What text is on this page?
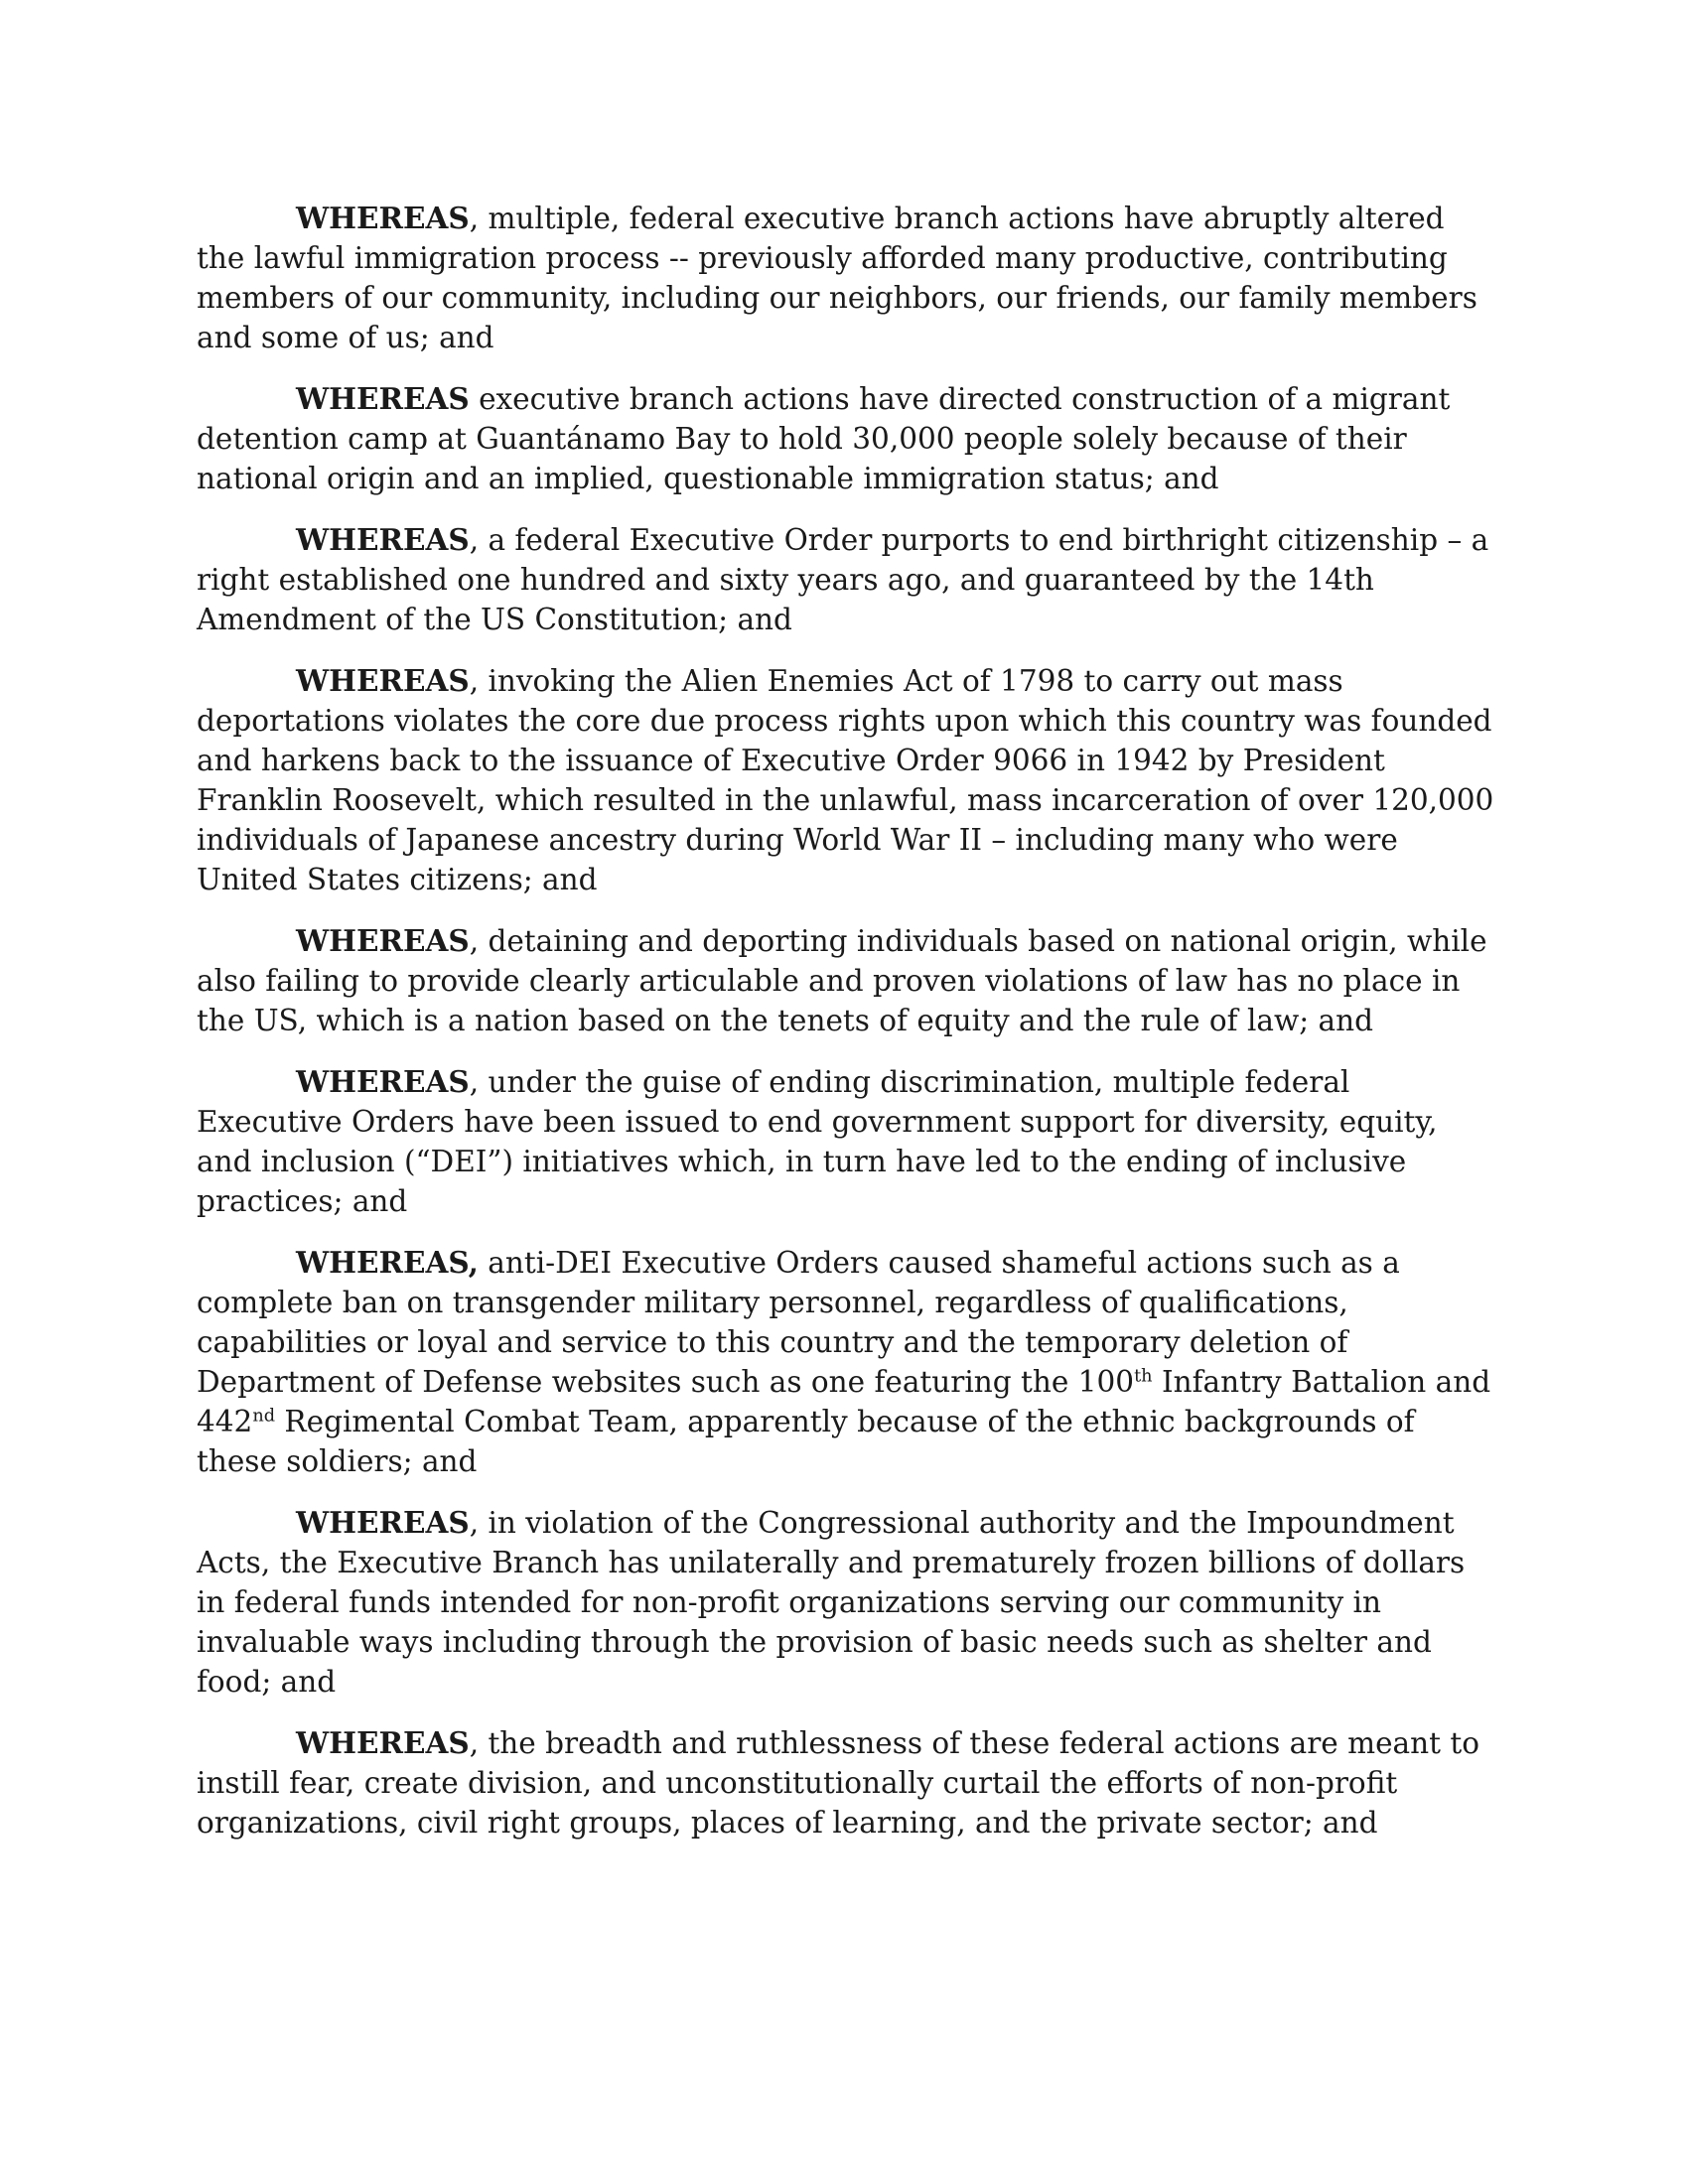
WHEREAS, multiple, federal executive branch actions have abruptly altered the lawful immigration process -- previously afforded many productive, contributing members of our community, including our neighbors, our friends, our family members and some of us; and

WHEREAS executive branch actions have directed construction of a migrant detention camp at Guantánamo Bay to hold 30,000 people solely because of their national origin and an implied, questionable immigration status; and

WHEREAS, a federal Executive Order purports to end birthright citizenship – a right established one hundred and sixty years ago, and guaranteed by the 14th Amendment of the US Constitution; and

WHEREAS, invoking the Alien Enemies Act of 1798 to carry out mass deportations violates the core due process rights upon which this country was founded and harkens back to the issuance of Executive Order 9066 in 1942 by President Franklin Roosevelt, which resulted in the unlawful, mass incarceration of over 120,000 individuals of Japanese ancestry during World War II – including many who were United States citizens; and

WHEREAS, detaining and deporting individuals based on national origin, while also failing to provide clearly articulable and proven violations of law has no place in the US, which is a nation based on the tenets of equity and the rule of law; and

WHEREAS, under the guise of ending discrimination, multiple federal Executive Orders have been issued to end government support for diversity, equity, and inclusion (“DEI”) initiatives which, in turn have led to the ending of inclusive practices; and

WHEREAS, anti-DEI Executive Orders caused shameful actions such as a complete ban on transgender military personnel, regardless of qualifications, capabilities or loyal and service to this country and the temporary deletion of Department of Defense websites such as one featuring the 100th Infantry Battalion and 442nd Regimental Combat Team, apparently because of the ethnic backgrounds of these soldiers; and

WHEREAS, in violation of the Congressional authority and the Impoundment Acts, the Executive Branch has unilaterally and prematurely frozen billions of dollars in federal funds intended for non-profit organizations serving our community in invaluable ways including through the provision of basic needs such as shelter and food; and

WHEREAS, the breadth and ruthlessness of these federal actions are meant to instill fear, create division, and unconstitutionally curtail the efforts of non-profit organizations, civil right groups, places of learning, and the private sector; and
